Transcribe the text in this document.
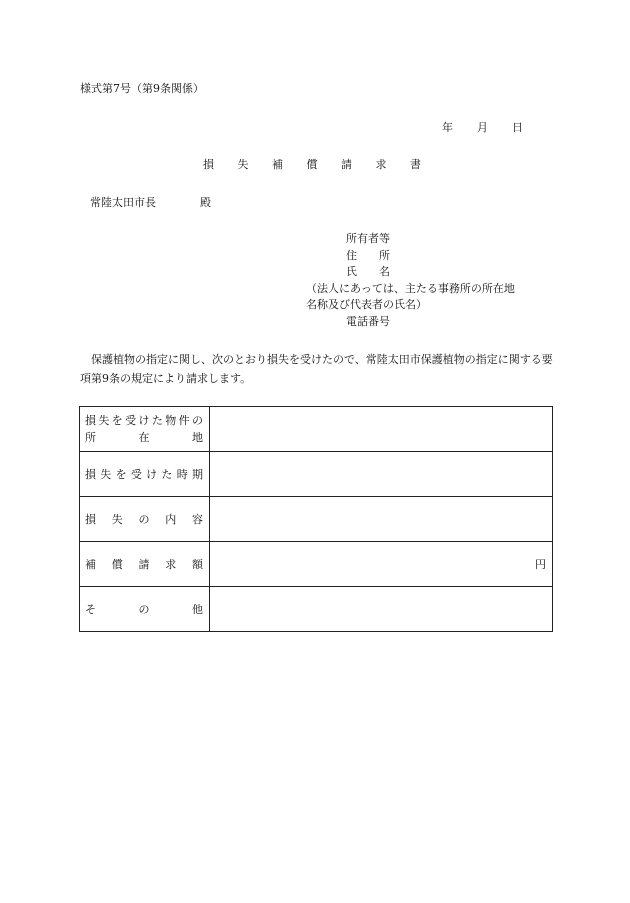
様式第7号（第9条関係）
年 月 日
損 失 補 償 請 求 書
常陸太田市長	殿
所有者等
住　　所
氏　　名
（法人にあっては、主たる事務所の所在地
名称及び代表者の氏名）
電話番号
保護植物の指定に関し、次のとおり損失を受けたので、常陸太田市保護植物の指定に関する要項第9条の規定により請求します。
損失を受けた物件の
所　　在　　地	

損失を受けた時期	
損 失 の 内 容	
補 償 請 求 額	円
そ の 他	
